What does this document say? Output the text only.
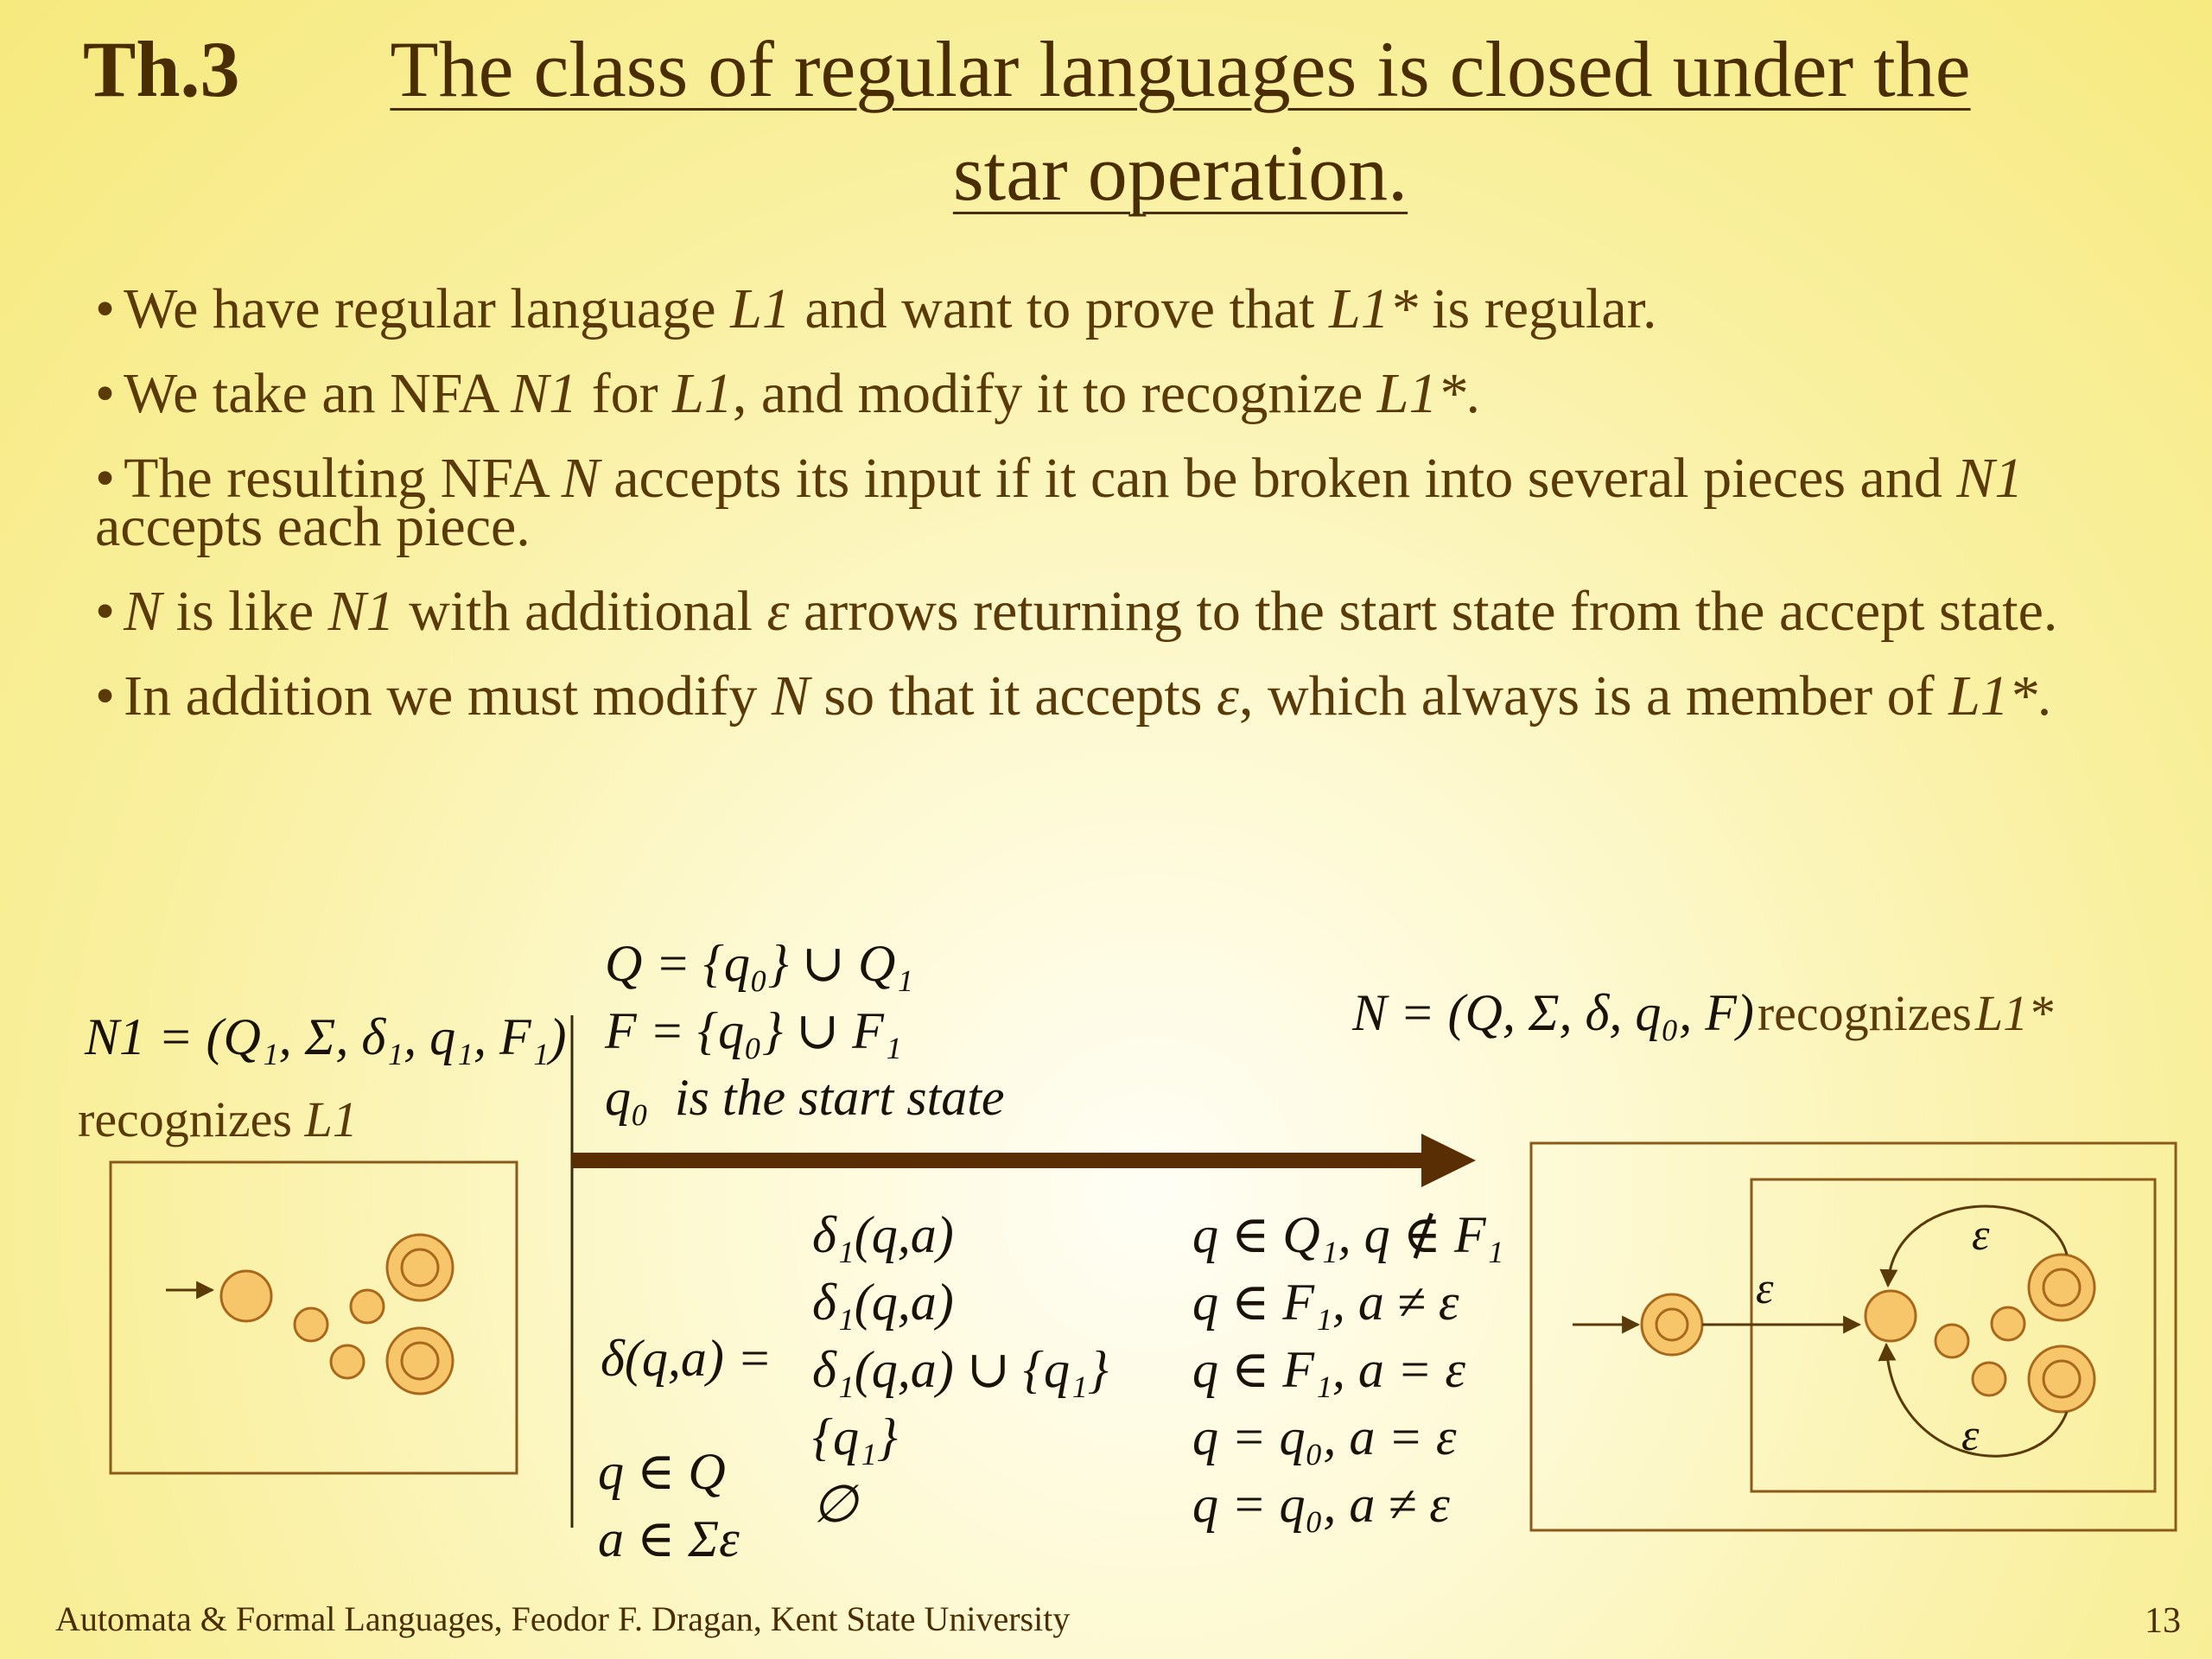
Th.3	The class of regular languages is closed under the
star operation.
• We have regular language L1 and want to prove that L1* is regular.
• We take an NFA N1 for L1, and modify it to recognize L1*.
• The resulting NFA N accepts its input if it can be broken into several pieces and N1 accepts each piece.
• N is like N1 with additional ε arrows returning to the start state from the accept state.
• In addition we must modify N so that it accepts ε, which always is a member of L1*.
N1 = (Q₁, Σ, δ₁, q₁, F₁)
recognizes L1
Q = {q₀} ∪ Q₁
F = {q₀} ∪ F₁
q₀ is the start state
N = (Q, Σ, δ, q₀, F) recognizes L1*
δ(q,a) =
δ₁(q,a)
δ₁(q,a)
δ₁(q,a) ∪ {q₁}
{q₁}
∅
q ∈ Q₁, q ∉ F₁
q ∈ F₁, a ≠ ε
q ∈ F₁, a = ε
q = q₀, a = ε
q = q₀, a ≠ ε
q ∈ Q
a ∈ Σε
ε
ε
ε
Automata & Formal Languages, Feodor F. Dragan, Kent State University	13
